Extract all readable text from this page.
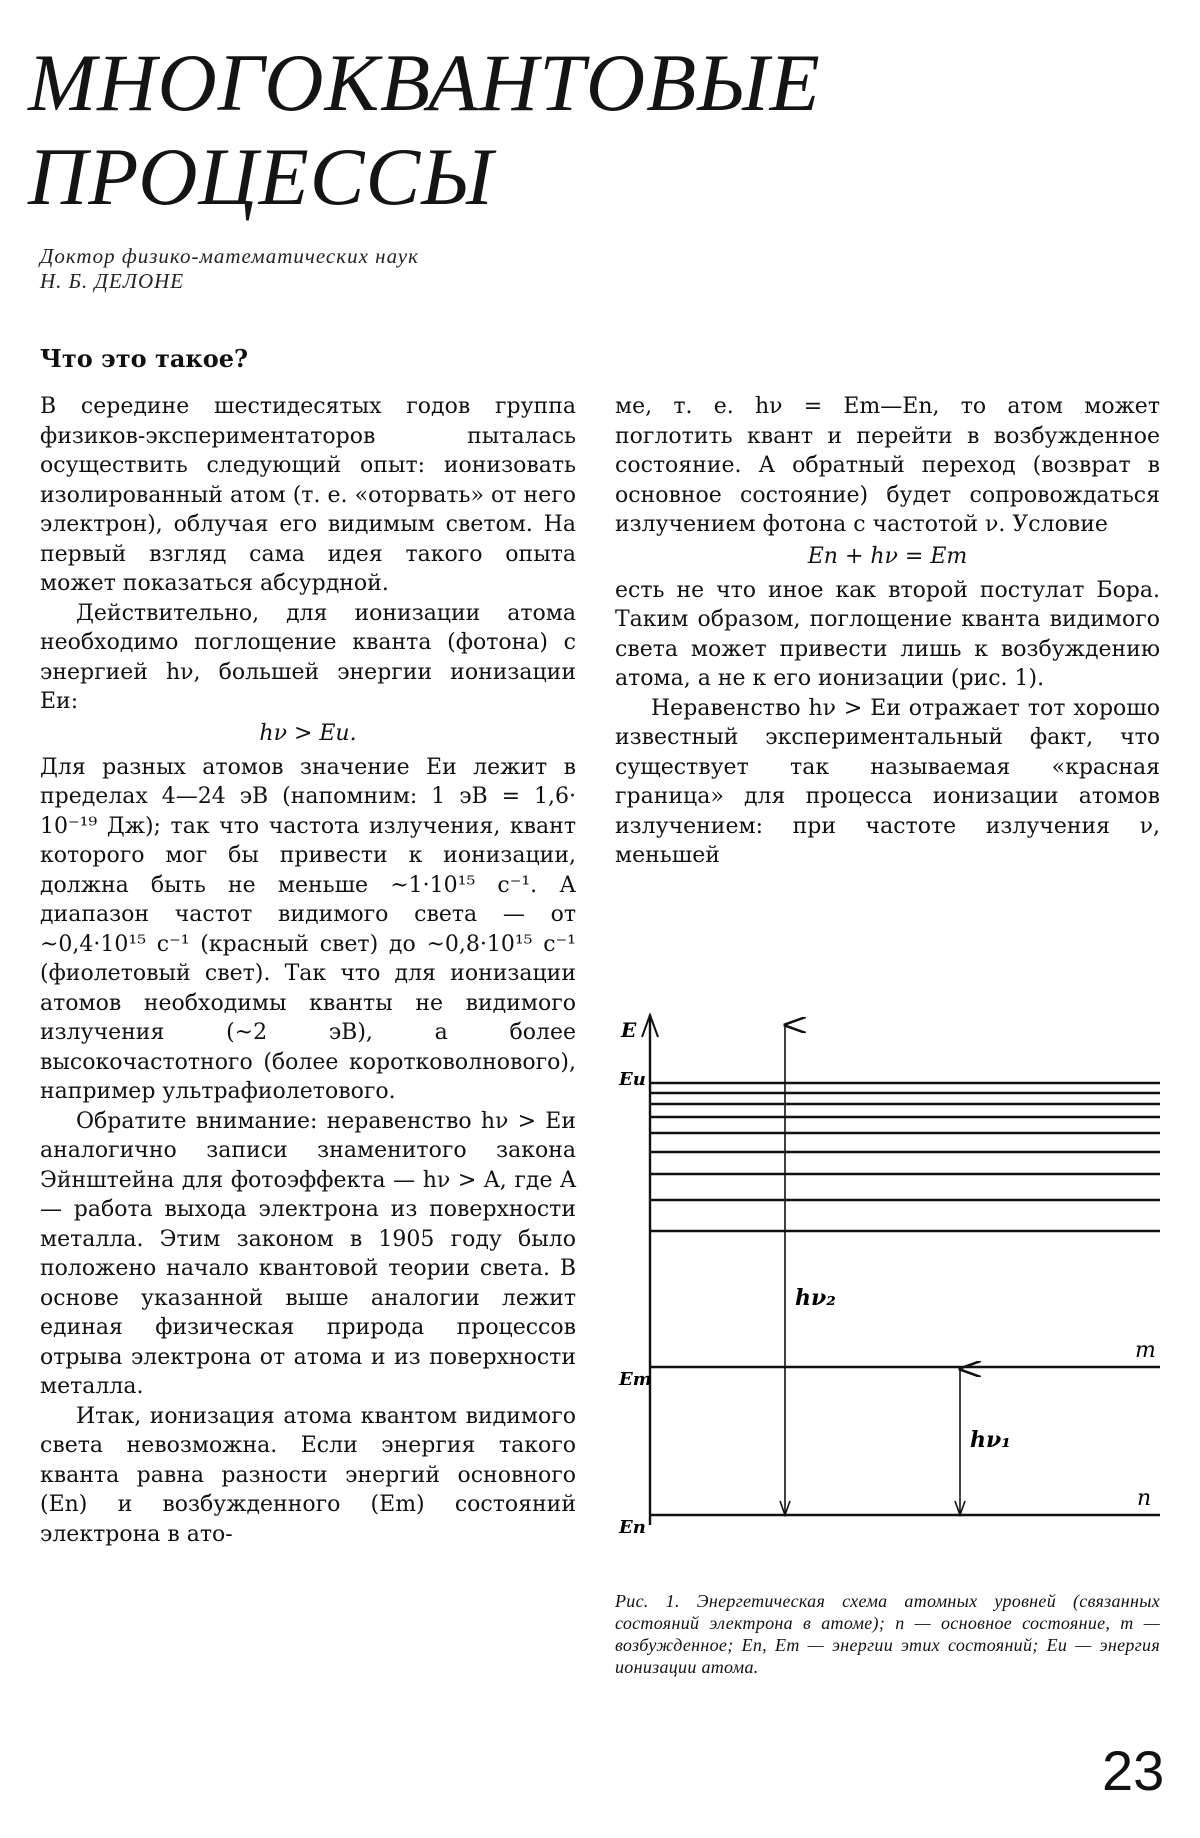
МНОГОКВАНТОВЫЕ
ПРОЦЕССЫ
Доктор физико-математических наук
Н. Б. ДЕЛОНЕ
Что это такое?

В середине шестидесятых годов группа физиков-экспериментаторов пыталась осуществить следующий опыт: ионизовать изолированный атом (т. е. «оторвать» от него электрон), облучая его видимым светом. На первый взгляд сама идея такого опыта может показаться абсурдной.

Действительно, для ионизации атома необходимо поглощение кванта (фотона) с энергией hν, большей энергии ионизации Eи:

hν > Eи.

Для разных атомов значение Eи лежит в пределах 4—24 эВ (напомним: 1 эВ = 1,6· 10⁻¹⁹ Дж); так что частота излучения, квант которого мог бы привести к ионизации, должна быть не меньше ~1·10¹⁵ с⁻¹. А диапазон частот видимого света — от ~0,4·10¹⁵ с⁻¹ (красный свет) до ~0,8·10¹⁵ с⁻¹ (фиолетовый свет). Так что для ионизации атомов необходимы кванты не видимого излучения (~2 эВ), а более высокочастотного (более коротковолнового), например ультрафиолетового.

Обратите внимание: неравенство hν > Eи аналогично записи знаменитого закона Эйнштейна для фотоэффекта — hν > A, где A — работа выхода электрона из поверхности металла. Этим законом в 1905 году было положено начало квантовой теории света. В основе указанной выше аналогии лежит единая физическая природа процессов отрыва электрона от атома и из поверхности металла.

Итак, ионизация атома квантом видимого света невозможна. Если энергия такого кванта равна разности энергий основного (En) и возбужденного (Em) состояний электрона в ато-

ме, т. е. hν = Em—En, то атом может поглотить квант и перейти в возбужденное состояние. А обратный переход (возврат в основное состояние) будет сопровождаться излучением фотона с частотой ν. Условие

En + hν = Em

есть не что иное как второй постулат Бора. Таким образом, поглощение кванта видимого света может привести лишь к возбуждению атома, а не к его ионизации (рис. 1).

Неравенство hν > Eи отражает тот хорошо известный экспериментальный факт, что существует так называемая «красная граница» для процесса ионизации атомов излучением: при частоте излучения ν, меньшей

E
Eи
m
n
Em
En
hν₂
hν₁
Рис. 1. Энергетическая схема атомных уровней (связанных состояний электрона в атоме); n — основное состояние, m — возбужденное; En, Em — энергии этих состояний; Eи — энергия ионизации атома.
23
